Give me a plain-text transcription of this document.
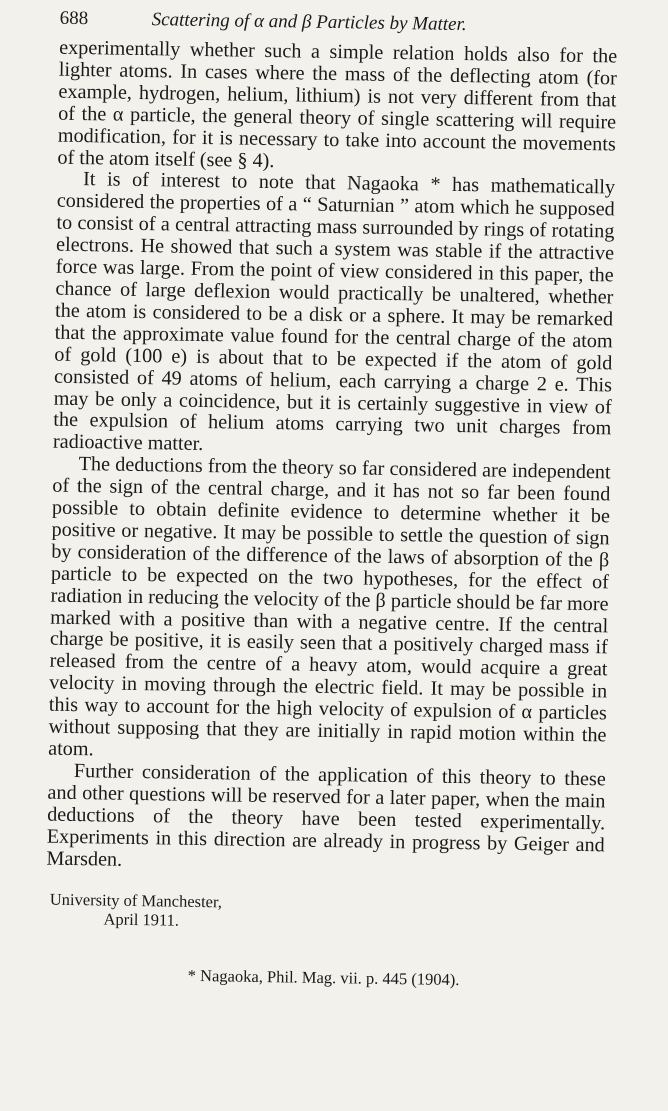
688	Scattering of α and β Particles by Matter.

experimentally whether such a simple relation holds also for the lighter atoms. In cases where the mass of the deflecting atom (for example, hydrogen, helium, lithium) is not very different from that of the α particle, the general theory of single scattering will require modification, for it is necessary to take into account the movements of the atom itself (see § 4).

It is of interest to note that Nagaoka * has mathematically considered the properties of a “ Saturnian ” atom which he supposed to consist of a central attracting mass surrounded by rings of rotating electrons. He showed that such a system was stable if the attractive force was large. From the point of view considered in this paper, the chance of large deflexion would practically be unaltered, whether the atom is considered to be a disk or a sphere. It may be remarked that the approximate value found for the central charge of the atom of gold (100 e) is about that to be expected if the atom of gold consisted of 49 atoms of helium, each carrying a charge 2 e. This may be only a coincidence, but it is certainly suggestive in view of the expulsion of helium atoms carrying two unit charges from radioactive matter.

The deductions from the theory so far considered are independent of the sign of the central charge, and it has not so far been found possible to obtain definite evidence to determine whether it be positive or negative. It may be possible to settle the question of sign by consideration of the difference of the laws of absorption of the β particle to be expected on the two hypotheses, for the effect of radiation in reducing the velocity of the β particle should be far more marked with a positive than with a negative centre. If the central charge be positive, it is easily seen that a positively charged mass if released from the centre of a heavy atom, would acquire a great velocity in moving through the electric field. It may be possible in this way to account for the high velocity of expulsion of α particles without supposing that they are initially in rapid motion within the atom.

Further consideration of the application of this theory to these and other questions will be reserved for a later paper, when the main deductions of the theory have been tested experimentally. Experiments in this direction are already in progress by Geiger and Marsden.

University of Manchester,
April 1911.
* Nagaoka, Phil. Mag. vii. p. 445 (1904).
